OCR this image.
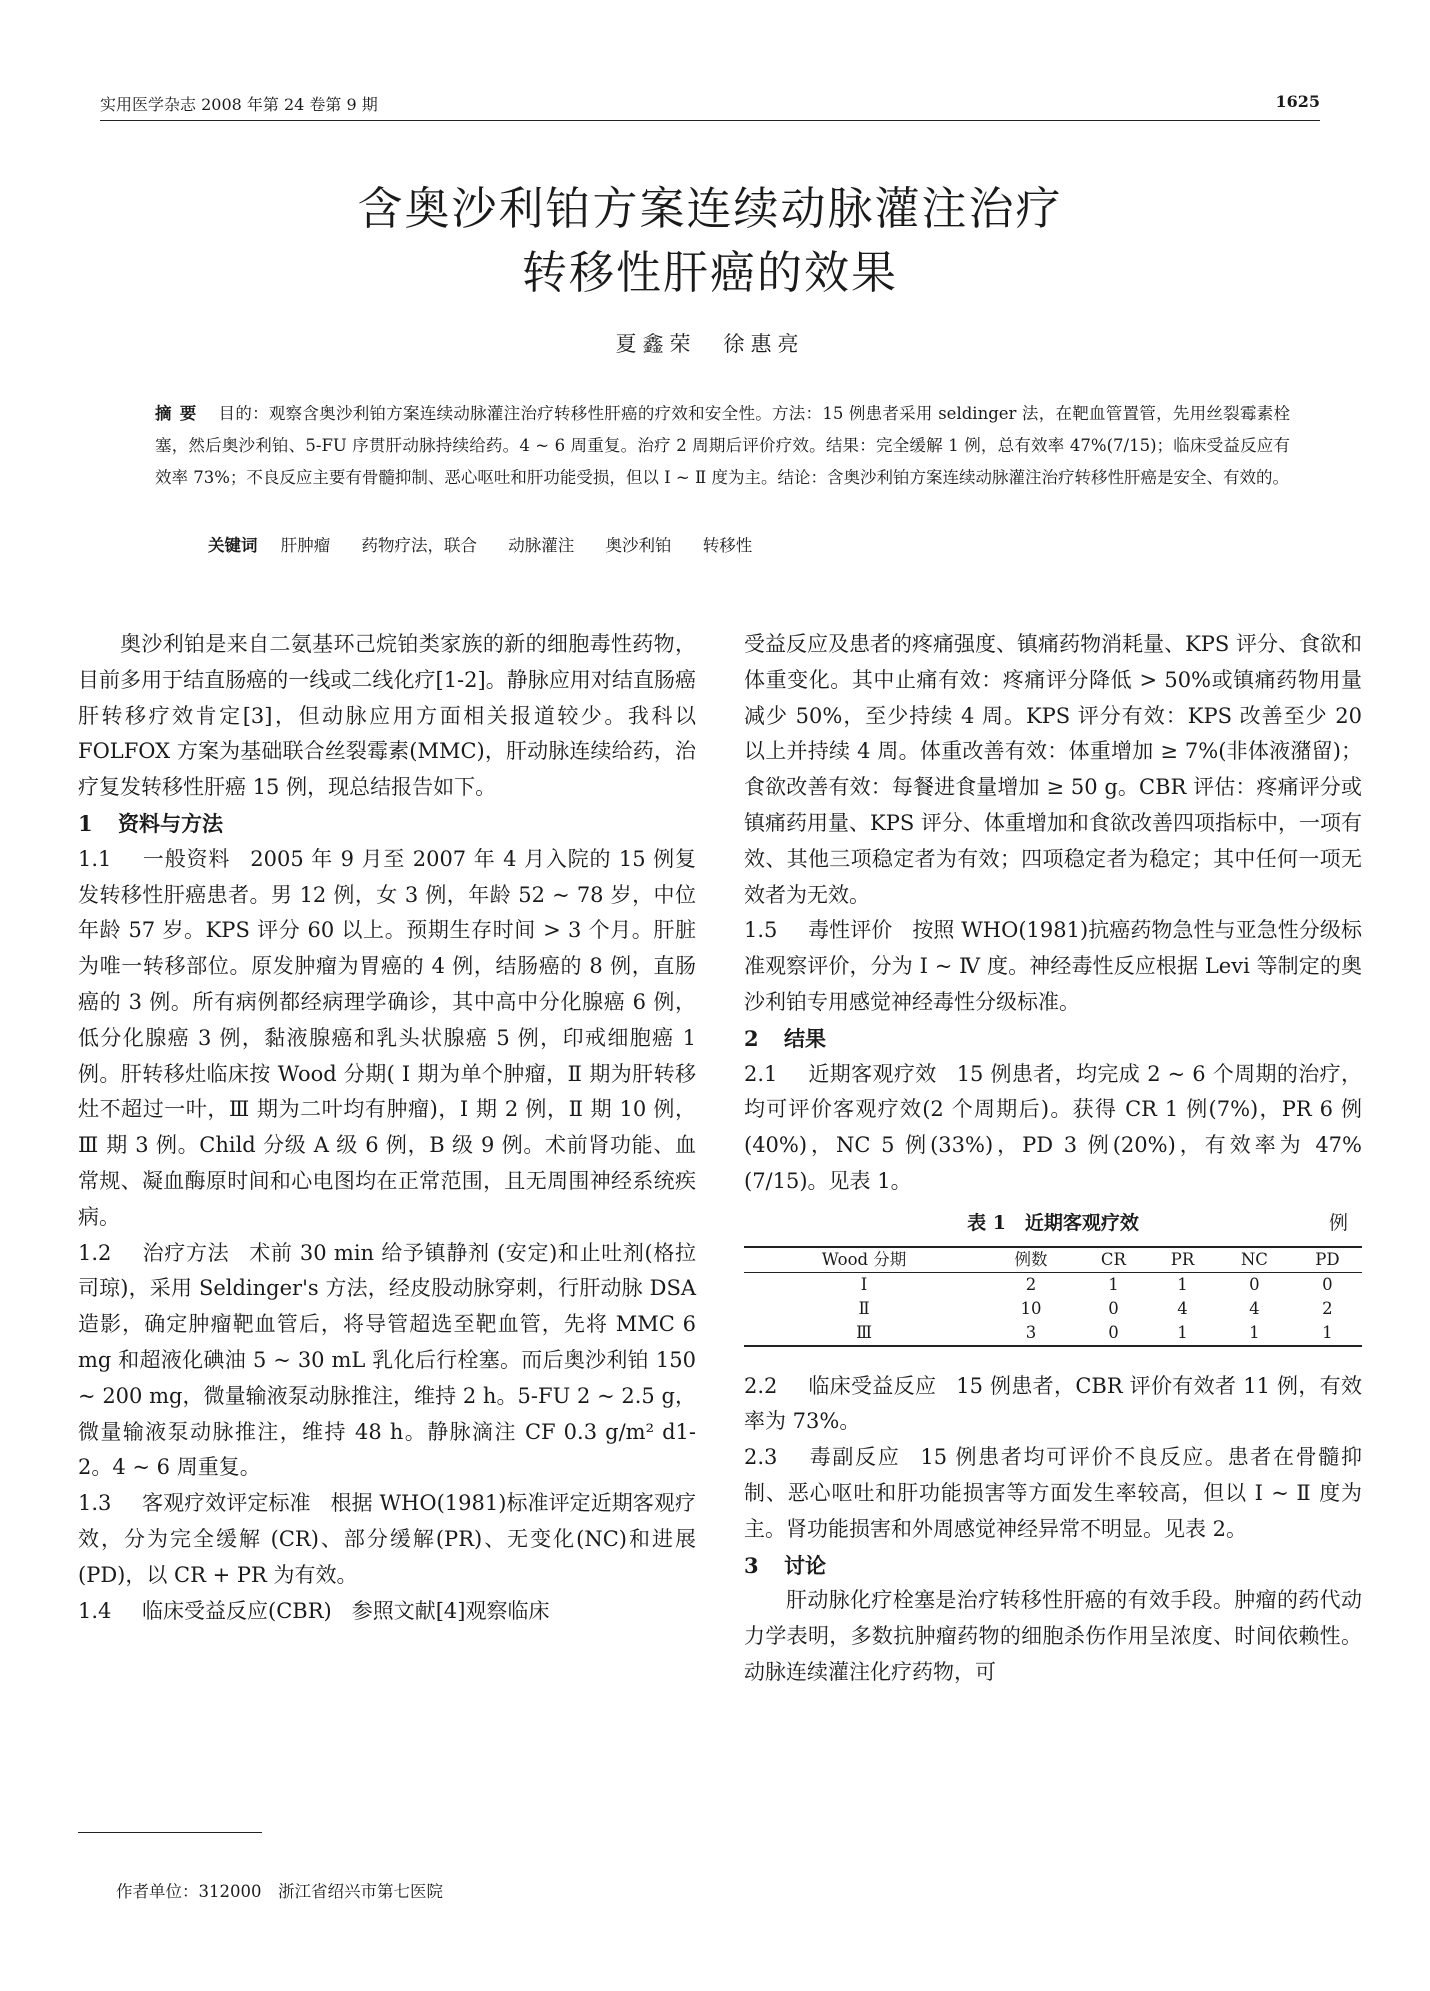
实用医学杂志 2008 年第 24 卷第 9 期	1625
含奥沙利铂方案连续动脉灌注治疗
转移性肝癌的效果
夏鑫荣　徐惠亮
摘要 目的：观察含奥沙利铂方案连续动脉灌注治疗转移性肝癌的疗效和安全性。方法：15 例患者采用 seldinger 法，在靶血管置管，先用丝裂霉素栓塞，然后奥沙利铂、5-FU 序贯肝动脉持续给药。4 ~ 6 周重复。治疗 2 周期后评价疗效。结果：完全缓解 1 例，总有效率 47%(7/15)；临床受益反应有效率 73%；不良反应主要有骨髓抑制、恶心呕吐和肝功能受损，但以 Ⅰ ~ Ⅱ 度为主。结论：含奥沙利铂方案连续动脉灌注治疗转移性肝癌是安全、有效的。
关键词 肝肿瘤 药物疗法，联合 动脉灌注 奥沙利铂 转移性

奥沙利铂是来自二氨基环己烷铂类家族的新的细胞毒性药物，目前多用于结直肠癌的一线或二线化疗[1-2]。静脉应用对结直肠癌肝转移疗效肯定[3]，但动脉应用方面相关报道较少。我科以 FOLFOX 方案为基础联合丝裂霉素(MMC)，肝动脉连续给药，治疗复发转移性肝癌 15 例，现总结报告如下。

1 资料与方法

1.1 一般资料 2005 年 9 月至 2007 年 4 月入院的 15 例复发转移性肝癌患者。男 12 例，女 3 例，年龄 52 ~ 78 岁，中位年龄 57 岁。KPS 评分 60 以上。预期生存时间 > 3 个月。肝脏为唯一转移部位。原发肿瘤为胃癌的 4 例，结肠癌的 8 例，直肠癌的 3 例。所有病例都经病理学确诊，其中高中分化腺癌 6 例，低分化腺癌 3 例，黏液腺癌和乳头状腺癌 5 例，印戒细胞癌 1 例。肝转移灶临床按 Wood 分期( Ⅰ 期为单个肿瘤，Ⅱ 期为肝转移灶不超过一叶，Ⅲ 期为二叶均有肿瘤)，Ⅰ 期 2 例，Ⅱ 期 10 例，Ⅲ 期 3 例。Child 分级 A 级 6 例，B 级 9 例。术前肾功能、血常规、凝血酶原时间和心电图均在正常范围，且无周围神经系统疾病。

1.2 治疗方法 术前 30 min 给予镇静剂 (安定)和止吐剂(格拉司琼)，采用 Seldinger's 方法，经皮股动脉穿刺，行肝动脉 DSA 造影，确定肿瘤靶血管后，将导管超选至靶血管，先将 MMC 6 mg 和超液化碘油 5 ~ 30 mL 乳化后行栓塞。而后奥沙利铂 150 ~ 200 mg，微量输液泵动脉推注，维持 2 h。5-FU 2 ~ 2.5 g，微量输液泵动脉推注，维持 48 h。静脉滴注 CF 0.3 g/m² d1-2。4 ~ 6 周重复。

1.3 客观疗效评定标准 根据 WHO(1981)标准评定近期客观疗效，分为完全缓解 (CR)、部分缓解(PR)、无变化(NC)和进展(PD)，以 CR + PR 为有效。

1.4 临床受益反应(CBR) 参照文献[4]观察临床

受益反应及患者的疼痛强度、镇痛药物消耗量、KPS 评分、食欲和体重变化。其中止痛有效：疼痛评分降低 > 50%或镇痛药物用量减少 50%，至少持续 4 周。KPS 评分有效：KPS 改善至少 20 以上并持续 4 周。体重改善有效：体重增加 ≥ 7%(非体液潴留)；食欲改善有效：每餐进食量增加 ≥ 50 g。CBR 评估：疼痛评分或镇痛药用量、KPS 评分、体重增加和食欲改善四项指标中，一项有效、其他三项稳定者为有效；四项稳定者为稳定；其中任何一项无效者为无效。

1.5 毒性评价 按照 WHO(1981)抗癌药物急性与亚急性分级标准观察评价，分为 Ⅰ ~ Ⅳ 度。神经毒性反应根据 Levi 等制定的奥沙利铂专用感觉神经毒性分级标准。

2 结果

2.1 近期客观疗效 15 例患者，均完成 2 ~ 6 个周期的治疗，均可评价客观疗效(2 个周期后)。获得 CR 1 例(7%)，PR 6 例(40%)，NC 5 例(33%)，PD 3 例(20%)，有效率为 47%(7/15)。见表 1。

表 1　近期客观疗效	例
Wood 分期	例数	CR	PR	NC	PD
Ⅰ	2	1	1	0	0
Ⅱ	10	0	4	4	2
Ⅲ	3	0	1	1	1

2.2 临床受益反应 15 例患者，CBR 评价有效者 11 例，有效率为 73%。

2.3 毒副反应 15 例患者均可评价不良反应。患者在骨髓抑制、恶心呕吐和肝功能损害等方面发生率较高，但以 Ⅰ ~ Ⅱ 度为主。肾功能损害和外周感觉神经异常不明显。见表 2。

3 讨论

肝动脉化疗栓塞是治疗转移性肝癌的有效手段。肿瘤的药代动力学表明，多数抗肿瘤药物的细胞杀伤作用呈浓度、时间依赖性。动脉连续灌注化疗药物，可

作者单位：312000　浙江省绍兴市第七医院
